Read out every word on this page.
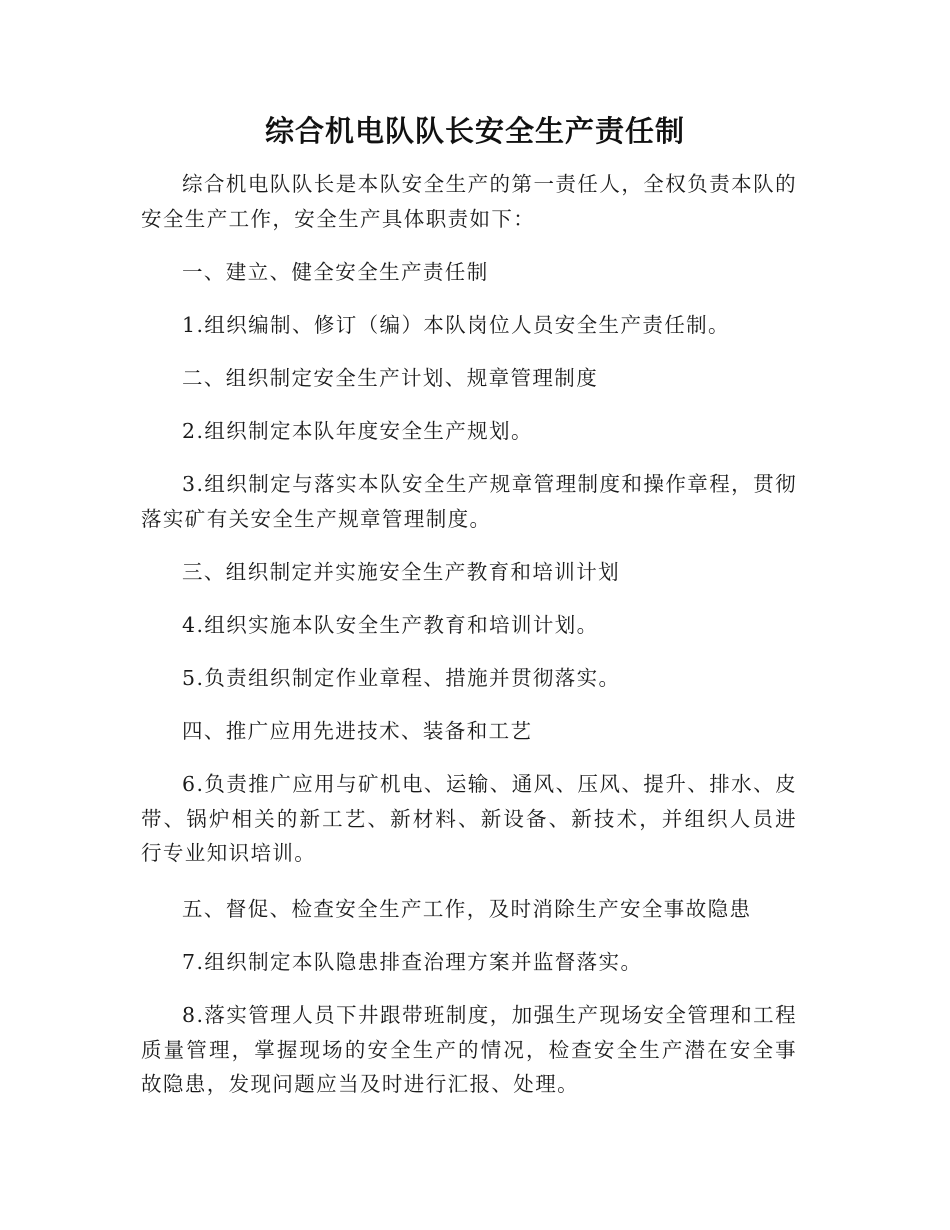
综合机电队队长安全生产责任制

综合机电队队长是本队安全生产的第一责任人，全权负责本队的安全生产工作，安全生产具体职责如下：

一、建立、健全安全生产责任制

1.组织编制、修订（编）本队岗位人员安全生产责任制。

二、组织制定安全生产计划、规章管理制度

2.组织制定本队年度安全生产规划。

3.组织制定与落实本队安全生产规章管理制度和操作章程，贯彻落实矿有关安全生产规章管理制度。

三、组织制定并实施安全生产教育和培训计划

4.组织实施本队安全生产教育和培训计划。

5.负责组织制定作业章程、措施并贯彻落实。

四、推广应用先进技术、装备和工艺

6.负责推广应用与矿机电、运输、通风、压风、提升、排水、皮带、锅炉相关的新工艺、新材料、新设备、新技术，并组织人员进行专业知识培训。

五、督促、检查安全生产工作，及时消除生产安全事故隐患

7.组织制定本队隐患排查治理方案并监督落实。

8.落实管理人员下井跟带班制度，加强生产现场安全管理和工程质量管理，掌握现场的安全生产的情况，检查安全生产潜在安全事故隐患，发现问题应当及时进行汇报、处理。
